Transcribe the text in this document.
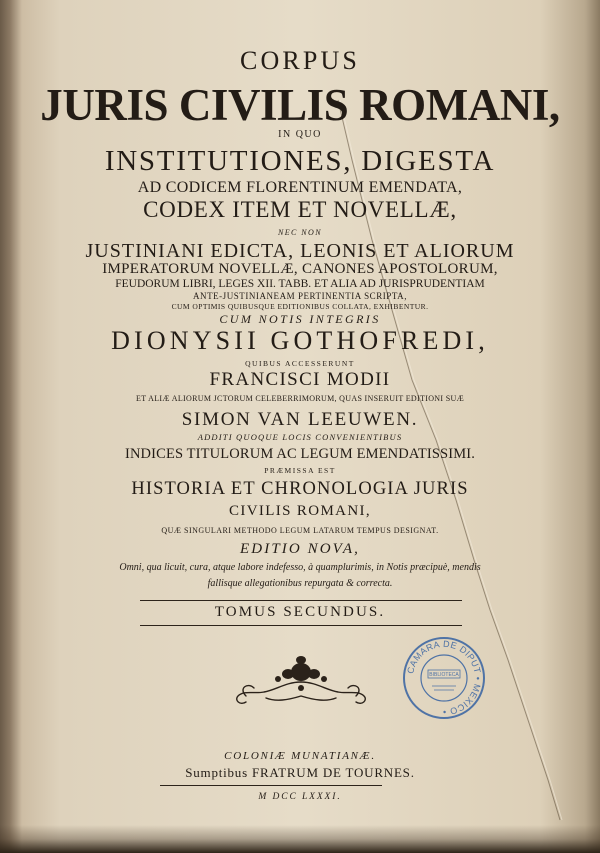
CORPUS
JURIS CIVILIS ROMANI,
IN QUO
INSTITUTIONES, DIGESTA
AD CODICEM FLORENTINUM EMENDATA,
CODEX ITEM ET NOVELLÆ,
NEC NON
JUSTINIANI EDICTA, LEONIS ET ALIORUM
IMPERATORUM NOVELLÆ, CANONES APOSTOLORUM,
FEUDORUM LIBRI, LEGES XII. TABB. ET ALIA AD JURISPRUDENTIAM
ANTE-JUSTINIANEAM PERTINENTIA SCRIPTA,
CUM OPTIMIS QUIBUSQUE EDITIONIBUS COLLATA, EXHIBENTUR.
CUM NOTIS INTEGRIS
DIONYSII GOTHOFREDI,
QUIBUS ACCESSERUNT
FRANCISCI MODII
ET ALIÆ ALIORUM JCTORUM CELEBERRIMORUM, QUAS INSERUIT EDITIONI SUÆ
SIMON VAN LEEUWEN.
ADDITI QUOQUE LOCIS CONVENIENTIBUS
INDICES TITULORUM AC LEGUM EMENDATISSIMI.
PRÆMISSA EST
HISTORIA ET CHRONOLOGIA JURIS
CIVILIS ROMANI,
QUÆ SINGULARI METHODO LEGUM LATARUM TEMPUS DESIGNAT.
EDITIO NOVA,
Omni, qua licuit, cura, atque labore indefesso, à quamplurimis, in Notis præcipuè, mendis
fallisque allegationibus repurgata & correcta.
TOMUS SECUNDUS.
CAMARA DE DIPUT • MEXICO •
BIBLIOTECA
COLONIÆ MUNATIANÆ.
Sumptibus FRATRUM DE TOURNES.
M DCC LXXXI.
